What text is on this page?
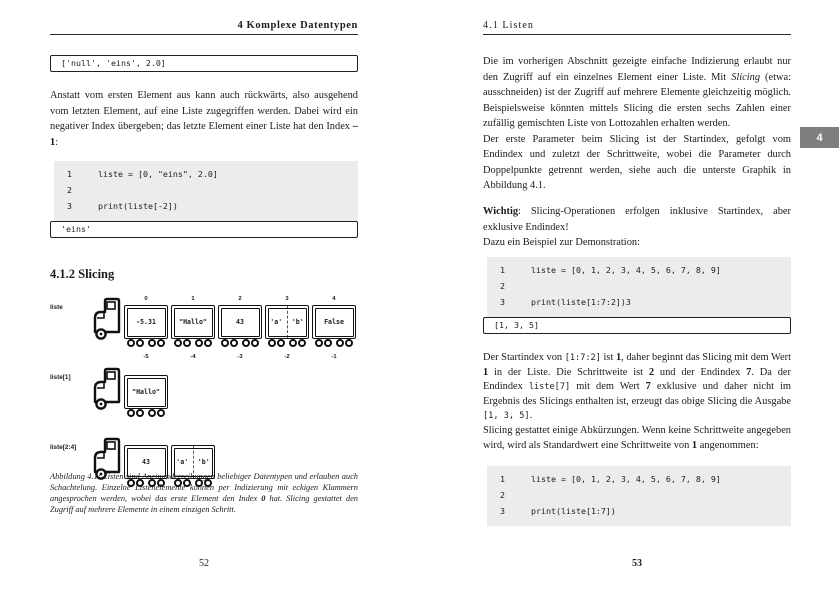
4 Komplexe Datentypen
['null', 'eins', 2.0]
Anstatt vom ersten Element aus kann auch rückwärts, also ausgehend vom letzten Element, auf eine Liste zugegriffen werden. Dabei wird ein negativer Index übergeben; das letzte Element einer Liste hat den Index –1:
1	liste = [0, "eins", 2.0]
2
3	print(liste[-2])
'eins'
4.1.2 Slicing
liste
0
-5.31
-5
1
"Hallo"
-4
2
43
-3
3
'a'	'b'
-2
4
False
-1
liste[1]
"Hallo"
liste[2:4]
43	'a'	'b'
Abbildung 4.1: Listen sind Aneinanderreihungen beliebiger Datentypen und erlauben auch Schachtelung. Einzelne Listenelemente können per Indizierung mit eckigen Klammern angesprochen werden, wobei das erste Element den Index 0 hat. Slicing gestattet den Zugriff auf mehrere Elemente in einem einzigen Schritt.
52
4.1 Listen
Die im vorherigen Abschnitt gezeigte einfache Indizierung erlaubt nur den Zugriff auf ein einzelnes Element einer Liste. Mit Slicing (etwa: ausschneiden) ist der Zugriff auf mehrere Elemente gleichzeitig möglich. Beispielsweise könnten mittels Slicing die ersten sechs Zahlen einer zufällig gemischten Liste von Lottozahlen erhalten werden.
Der erste Parameter beim Slicing ist der Startindex, gefolgt vom Endindex und zuletzt der Schrittweite, wobei die Parameter durch Doppelpunkte getrennt werden, siehe auch die unterste Graphik in Abbildung 4.1.
Wichtig: Slicing-Operationen erfolgen inklusive Startindex, aber exklusive Endindex!
Dazu ein Beispiel zur Demonstration:
1	liste = [0, 1, 2, 3, 4, 5, 6, 7, 8, 9]
2
3	print(liste[1:7:2])3
[1, 3, 5]
Der Startindex von [1:7:2] ist 1, daher beginnt das Slicing mit dem Wert 1 in der Liste. Die Schrittweite ist 2 und der Endindex 7. Da der Endindex liste[7] mit dem Wert 7 exklusive und daher nicht im Ergebnis des Slicings enthalten ist, erzeugt das obige Slicing die Ausgabe [1, 3, 5].
Slicing gestattet einige Abkürzungen. Wenn keine Schrittweite angegeben wird, wird als Standardwert eine Schrittweite von 1 angenommen:
1	liste = [0, 1, 2, 3, 4, 5, 6, 7, 8, 9]
2
3	print(liste[1:7])
53
4
